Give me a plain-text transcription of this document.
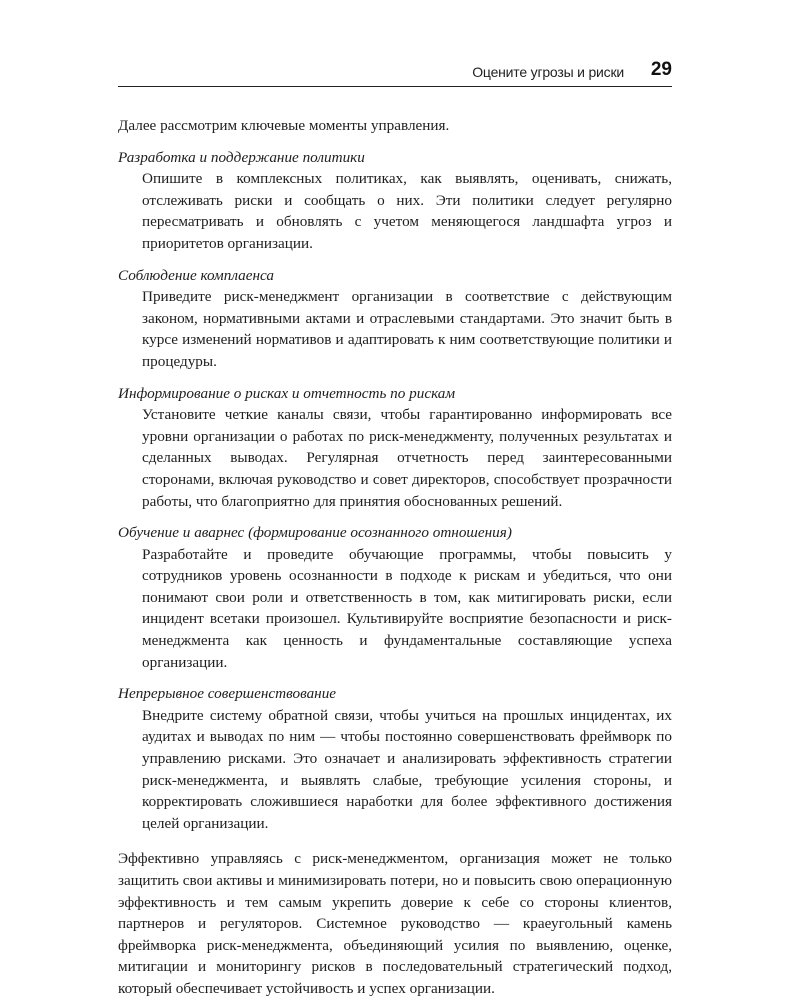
Оцените угрозы и риски 29

Далее рассмотрим ключевые моменты управления.

Разработка и поддержание политики

Опишите в комплексных политиках, как выявлять, оценивать, снижать, отслеживать риски и сообщать о них. Эти политики следует регулярно пересматривать и обновлять с учетом меняющегося ландшафта угроз и приоритетов организации.

Соблюдение комплаенса

Приведите риск-менеджмент организации в соответствие с действующим законом, нормативными актами и отраслевыми стандартами. Это значит быть в курсе изменений нормативов и адаптировать к ним соответствующие политики и процедуры.

Информирование о рисках и отчетность по рискам

Установите четкие каналы связи, чтобы гарантированно информировать все уровни организации о работах по риск-менеджменту, полученных результатах и сделанных выводах. Регулярная отчетность перед заинтересованными сторонами, включая руководство и совет директоров, способствует прозрачности работы, что благоприятно для принятия обоснованных решений.

Обучение и аварнес (формирование осознанного отношения)

Разработайте и проведите обучающие программы, чтобы повысить у сотрудников уровень осознанности в подходе к рискам и убедиться, что они понимают свои роли и ответственность в том, как митигировать риски, если инцидент всетаки произошел. Культивируйте восприятие безопасности и риск-менеджмента как ценность и фундаментальные составляющие успеха организации.

Непрерывное совершенствование

Внедрите систему обратной связи, чтобы учиться на прошлых инцидентах, их аудитах и выводах по ним — чтобы постоянно совершенствовать фреймворк по управлению рисками. Это означает и анализировать эффективность стратегии риск-менеджмента, и выявлять слабые, требующие усиления стороны, и корректировать сложившиеся наработки для более эффективного достижения целей организации.

Эффективно управляясь с риск-менеджментом, организация может не только защитить свои активы и минимизировать потери, но и повысить свою операционную эффективность и тем самым укрепить доверие к себе со стороны клиентов, партнеров и регуляторов. Системное руководство — краеугольный камень фреймворка риск-менеджмента, объединяющий усилия по выявлению, оценке, митигации и мониторингу рисков в последовательный стратегический подход, который обеспечивает устойчивость и успех организации.
